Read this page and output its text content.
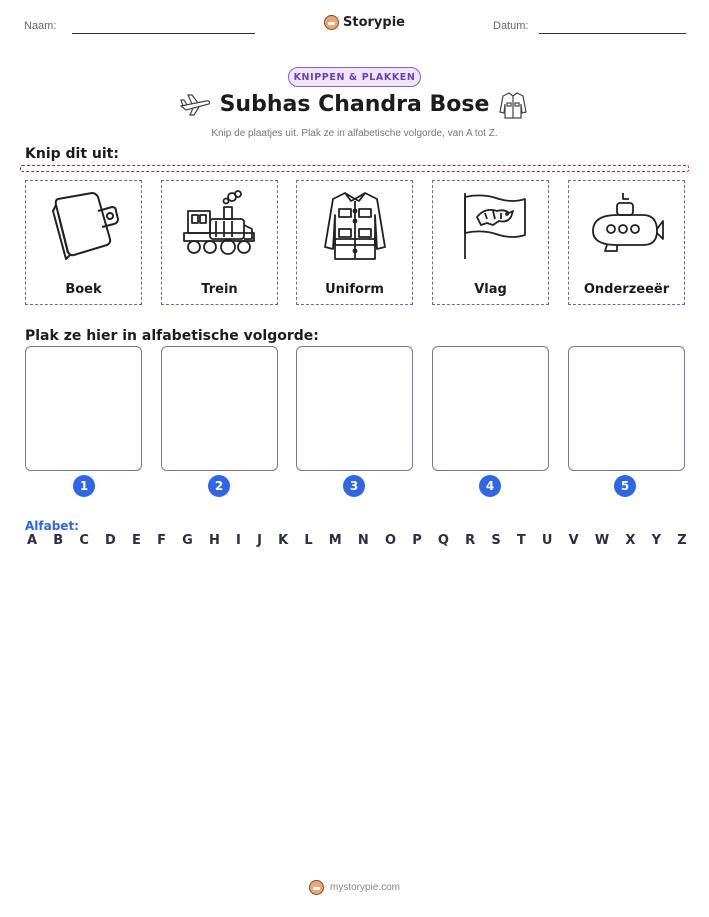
Naam:	Storypie	Datum:
KNIPPEN & PLAKKEN
Subhas Chandra Bose
Knip de plaatjes uit. Plak ze in alfabetische volgorde, van A tot Z.
Knip dit uit:
Boek	Trein	Uniform	Vlag	Onderzeeër
Plak ze hier in alfabetische volgorde:
1	2	3	4	5
Alfabet:
A B C D E F G H I J K L M N O P Q R S T U V W X Y Z
mystorypie.com
